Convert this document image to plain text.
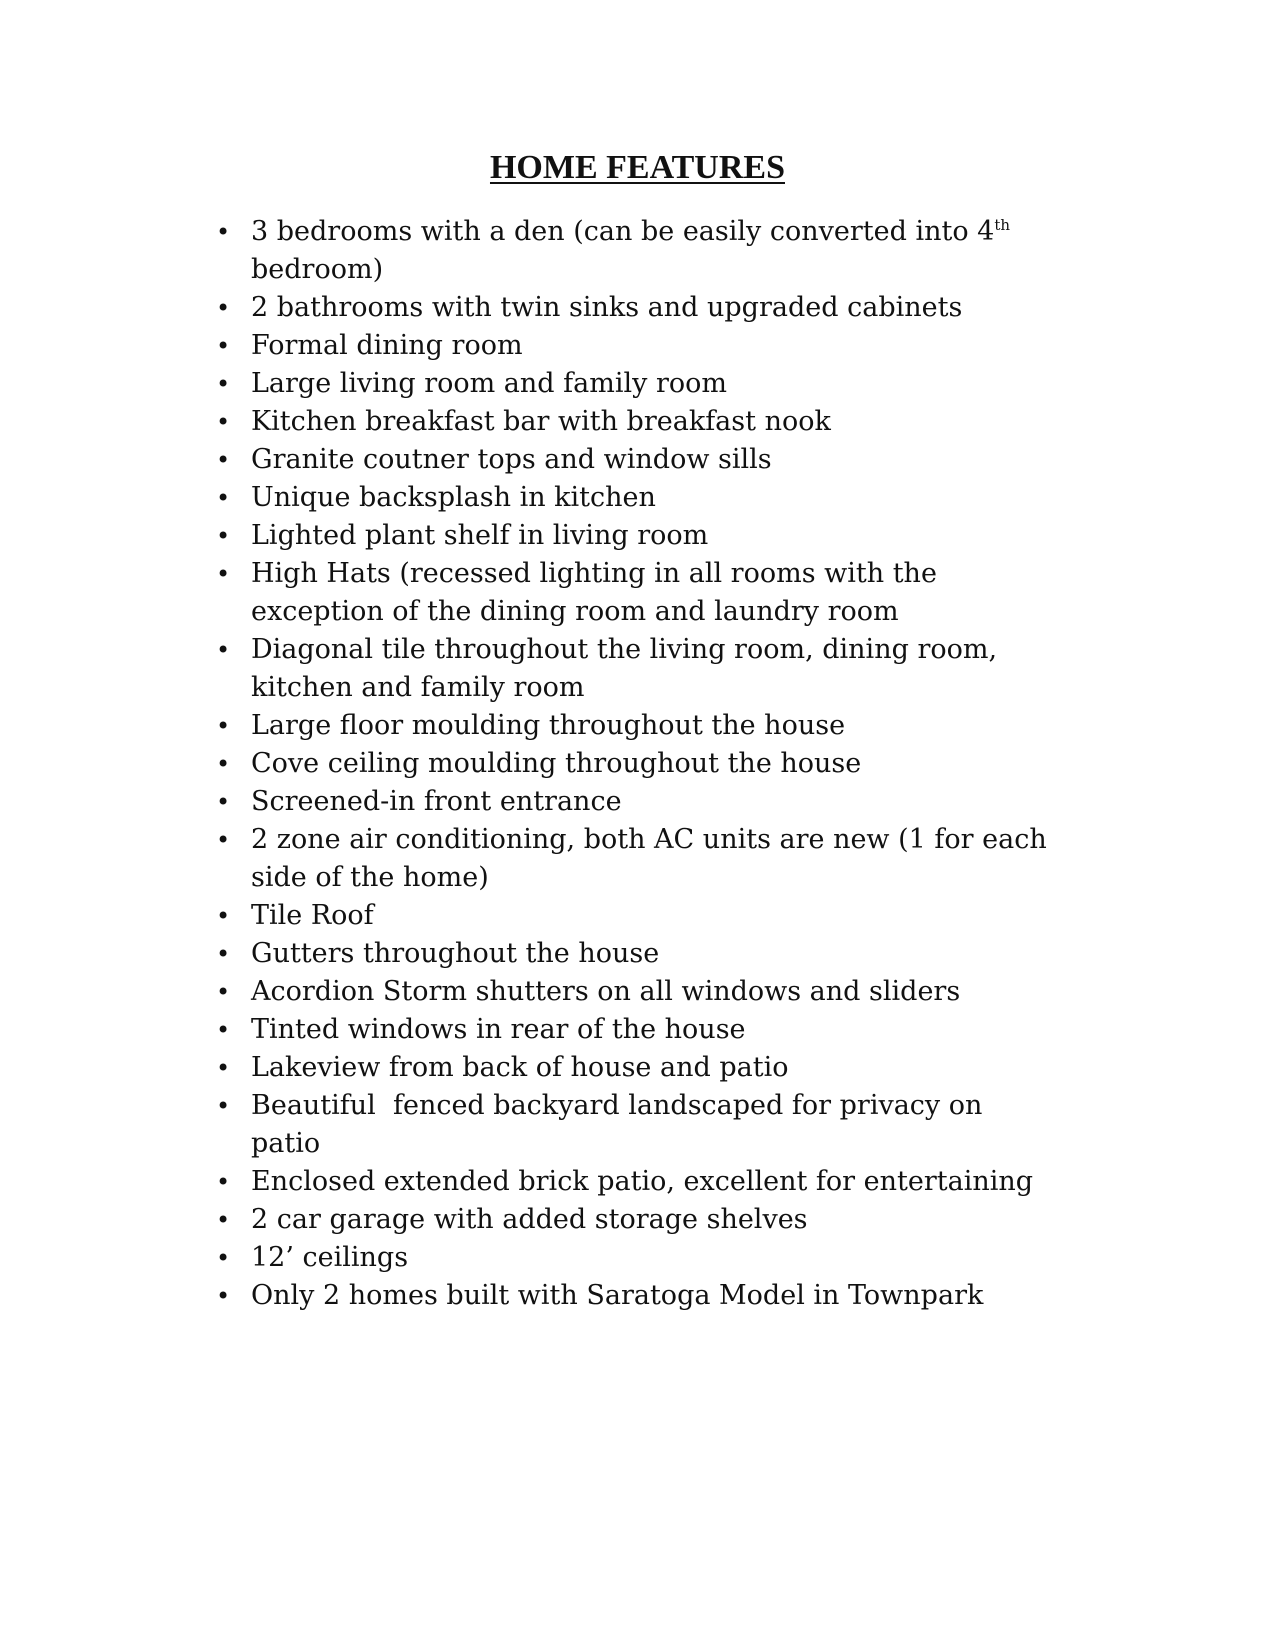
HOME FEATURES
• 3 bedrooms with a den (can be easily converted into 4th bedroom)
• 2 bathrooms with twin sinks and upgraded cabinets
• Formal dining room
• Large living room and family room
• Kitchen breakfast bar with breakfast nook
• Granite coutner tops and window sills
• Unique backsplash in kitchen
• Lighted plant shelf in living room
• High Hats (recessed lighting in all rooms with the exception of the dining room and laundry room
• Diagonal tile throughout the living room, dining room, kitchen and family room
• Large floor moulding throughout the house
• Cove ceiling moulding throughout the house
• Screened-in front entrance
• 2 zone air conditioning, both AC units are new (1 for each side of the home)
• Tile Roof
• Gutters throughout the house
• Acordion Storm shutters on all windows and sliders
• Tinted windows in rear of the house
• Lakeview from back of house and patio
• Beautiful  fenced backyard landscaped for privacy on patio
• Enclosed extended brick patio, excellent for entertaining
• 2 car garage with added storage shelves
• 12’ ceilings
• Only 2 homes built with Saratoga Model in Townpark
